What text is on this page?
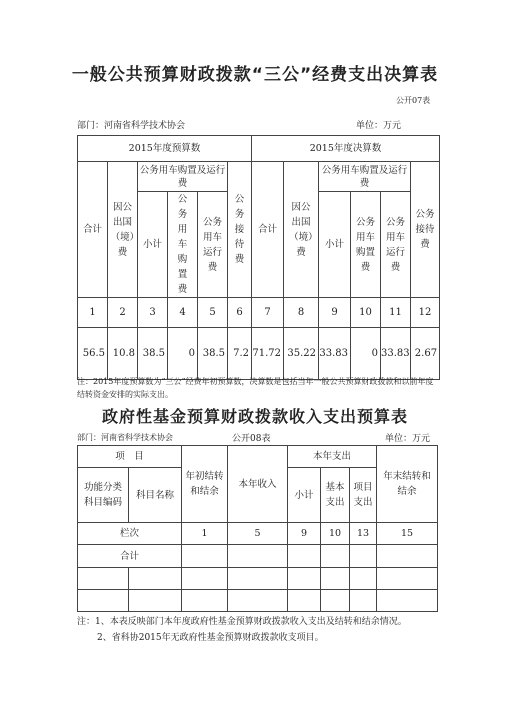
一般公共预算财政拨款“三公”经费支出决算表
公开07表
部门：河南省科学技术协会	单位：万元
2015年度预算数						2015年度决算数					
合计	因公出国（境）费	公务用车购置及运行费			公务接待费	合计	因公出国（境）费	公务用车购置及运行费			公务接待费
		小计	公务用车购置费	公务用车运行费				小计	公务用车购置费	公务用车运行费	

1	2	3	4	5	6	7	8	9	10	11	12
56.5	10.8	38.5	0	38.5	7.2	71.72	35.22	33.83	0	33.83	2.67
注：2015年度预算数为“三公”经费年初预算数，决算数是包括当年一般公共预算财政拨款和以前年度结转资金安排的实际支出。
政府性基金预算财政拨款收入支出预算表
部门：河南省科学技术协会	公开08表	单位：万元
项　目		年初结转和结余	本年收入	本年支出			年末结转和结余
功能分类科目编码	科目名称			小计	基本支出	项目支出	
栏次		1	5	9	10	13	15
合计							

注：1、本表反映部门本年度政府性基金预算财政拨款收入支出及结转和结余情况。
2、省科协2015年无政府性基金预算财政拨款收支项目。
